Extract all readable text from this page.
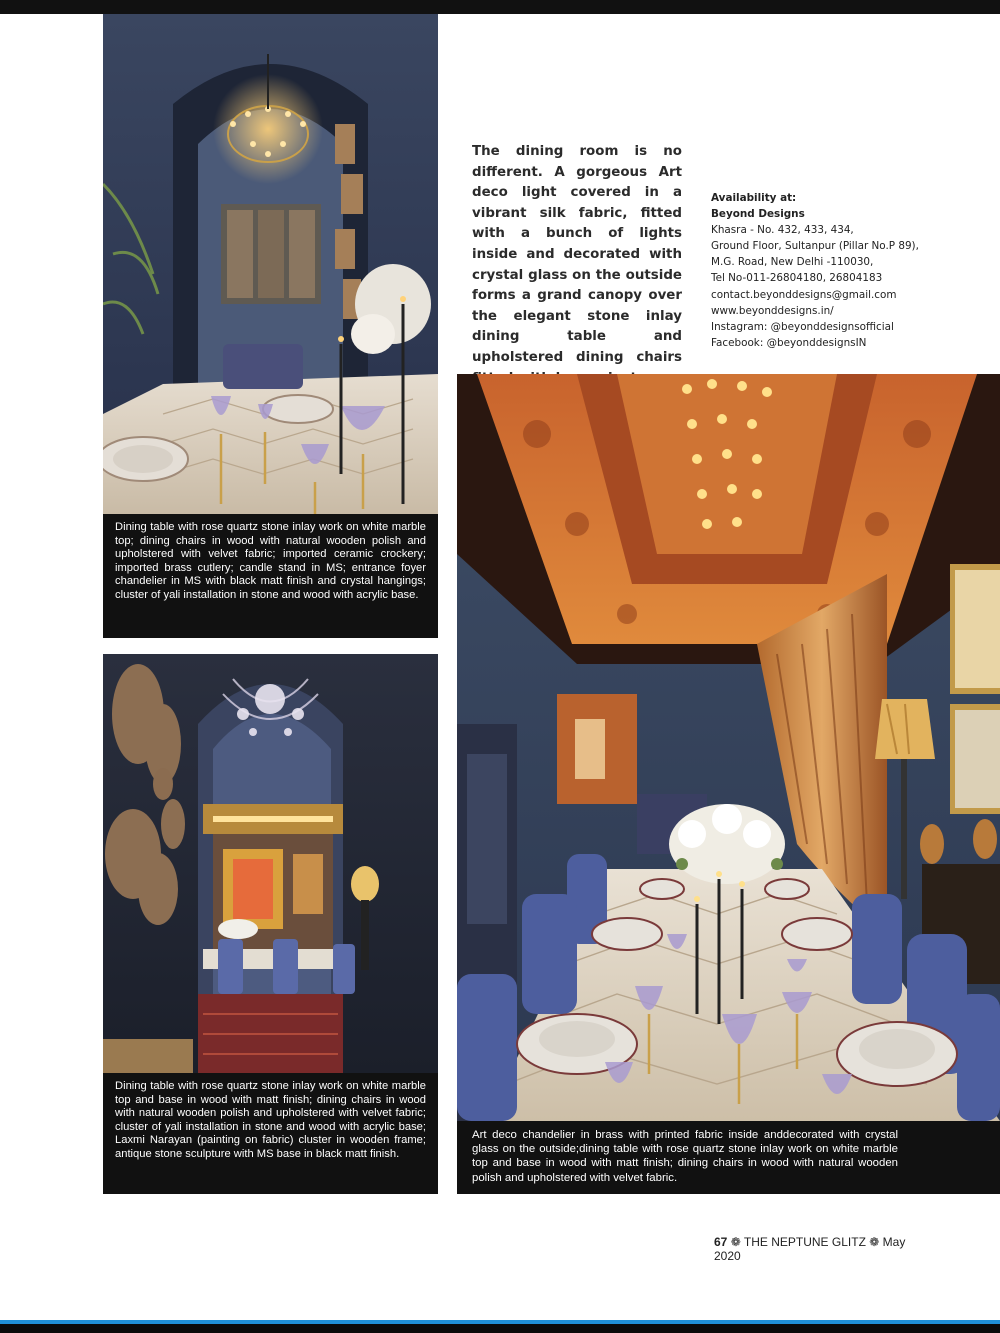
Dining table with rose quartz stone inlay work on white marble top; dining chairs in wood with natural wooden polish and upholstered with velvet fabric; imported ceramic crockery; imported brass cutlery; candle stand in MS; entrance foyer chandelier in MS with black matt finish and crystal hangings; cluster of yali installation in stone and wood with acrylic base.
Dining table with rose quartz stone inlay work on white marble top and base in wood with matt finish; dining chairs in wood with natural wooden polish and upholstered with velvet fabric; cluster of yali installation in stone and wood with acrylic base; Laxmi Narayan (painting on fabric) cluster in wooden frame; antique stone sculpture with MS base in black matt finish.
The dining room is no different. A gorgeous Art deco light covered in a vibrant silk fabric, fitted with a bunch of lights inside and decorated with crystal glass on the outside forms a grand canopy over the elegant stone inlay dining table and upholstered dining chairs
Availability at:
Beyond Designs
Khasra - No. 432, 433, 434,
Ground Floor, Sultanpur (Pillar No.P 89),
M.G. Road, New Delhi -110030,
Tel No-011-26804180, 26804183
contact.beyonddesigns@gmail.com
www.beyonddesigns.in/
Instagram: @beyonddesignsofficial
Facebook: @beyonddesignsIN
Art deco chandelier in brass with printed fabric inside anddecorated with crystal glass on the outside;dining table with rose quartz stone inlay work on white marble top and base in wood with matt finish; dining chairs in wood with natural wooden polish and upholstered with velvet fabric.
67 ❁ THE NEPTUNE GLITZ ❁ May 2020
